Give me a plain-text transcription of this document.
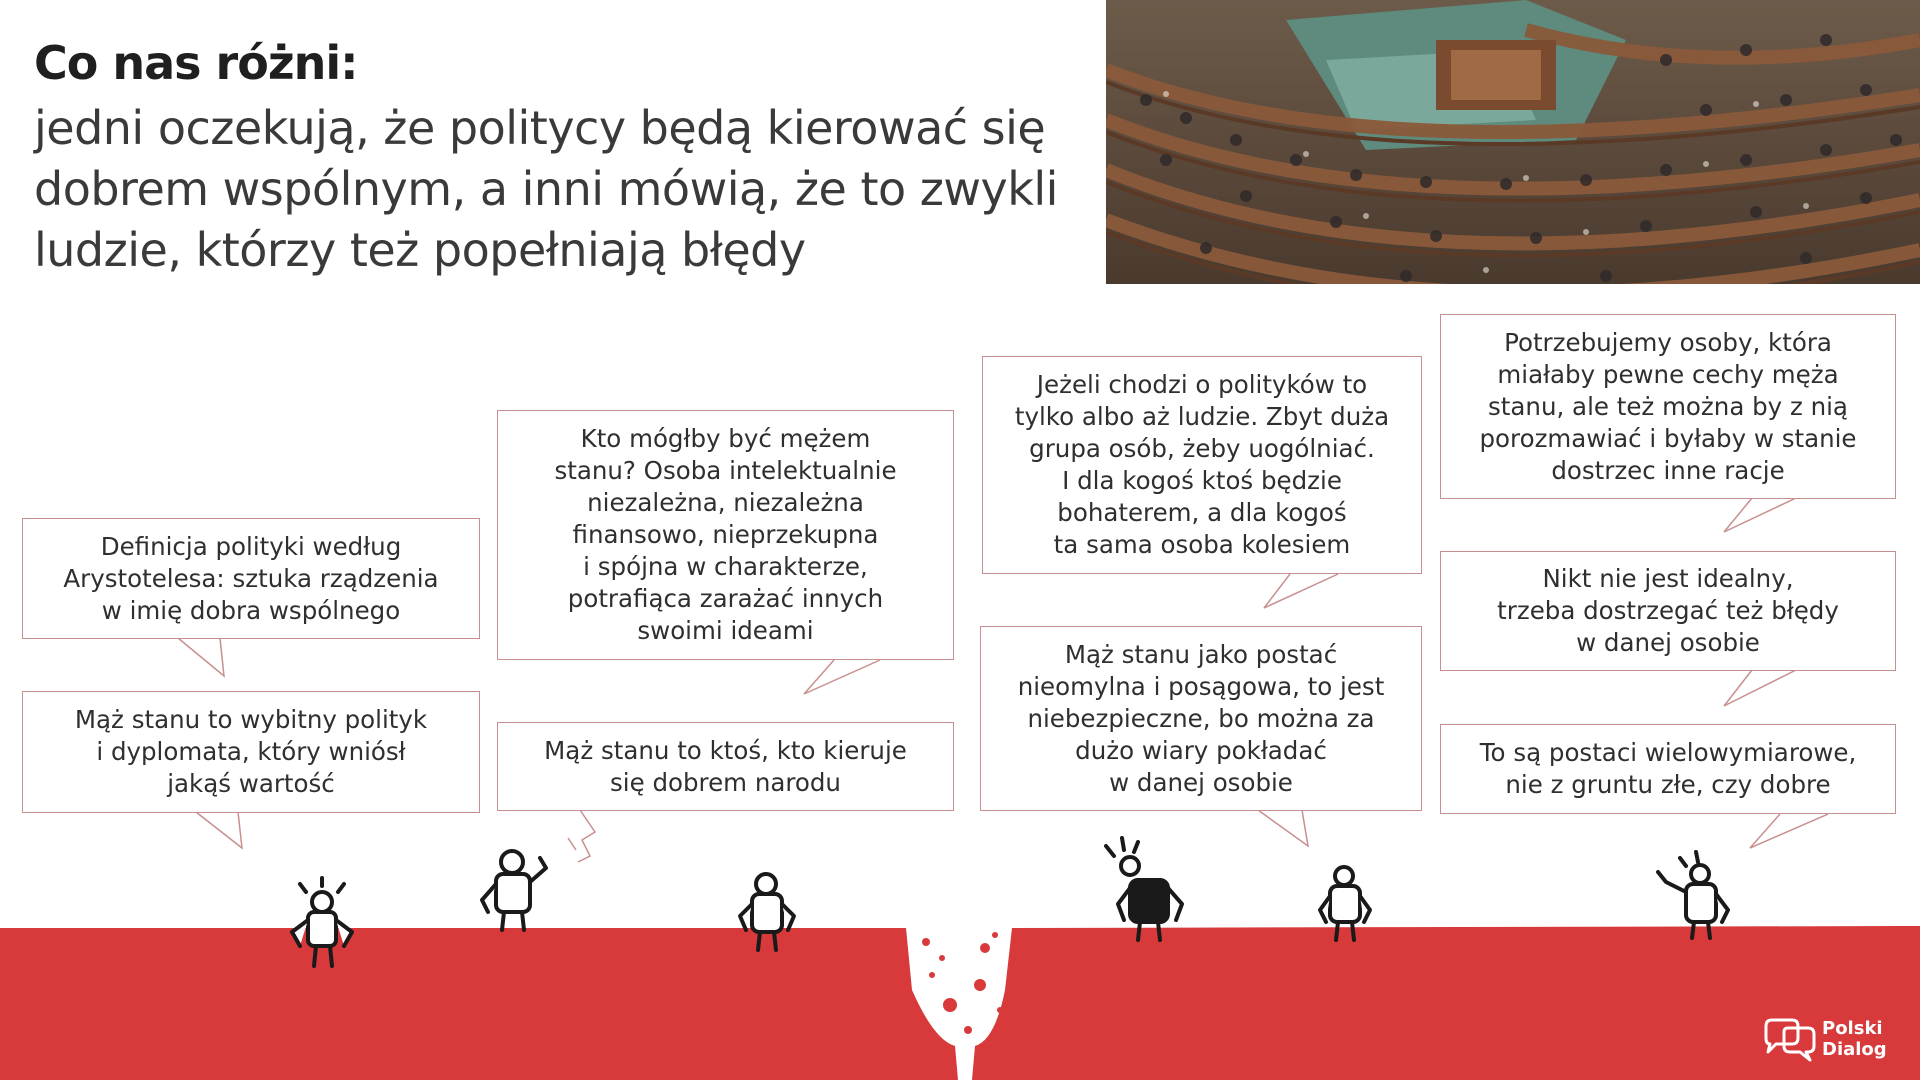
Co nas różni:
jedni oczekują, że politycy będą kierować się dobrem wspólnym, a inni mówią, że to zwykli ludzie, którzy też popełniają błędy
Definicja polityki według
Arystotelesa: sztuka rządzenia
w imię dobra wspólnego
Mąż stanu to wybitny polityk
i dyplomata, który wniósł
jakąś wartość
Kto mógłby być mężem
stanu? Osoba intelektualnie
niezależna, niezależna
finansowo, nieprzekupna
i spójna w charakterze,
potrafiąca zarażać innych
swoimi ideami
Mąż stanu to ktoś, kto kieruje
się dobrem narodu
Jeżeli chodzi o polityków to
tylko albo aż ludzie. Zbyt duża
grupa osób, żeby uogólniać.
I dla kogoś ktoś będzie
bohaterem, a dla kogoś
ta sama osoba kolesiem
Mąż stanu jako postać
nieomylna i posągowa, to jest
niebezpieczne, bo można za
dużo wiary pokładać
w danej osobie
Potrzebujemy osoby, która
miałaby pewne cechy męża
stanu, ale też można by z nią
porozmawiać i byłaby w stanie
dostrzec inne racje
Nikt nie jest idealny,
trzeba dostrzegać też błędy
w danej osobie
To są postaci wielowymiarowe,
nie z gruntu złe, czy dobre
Polski
Dialog
